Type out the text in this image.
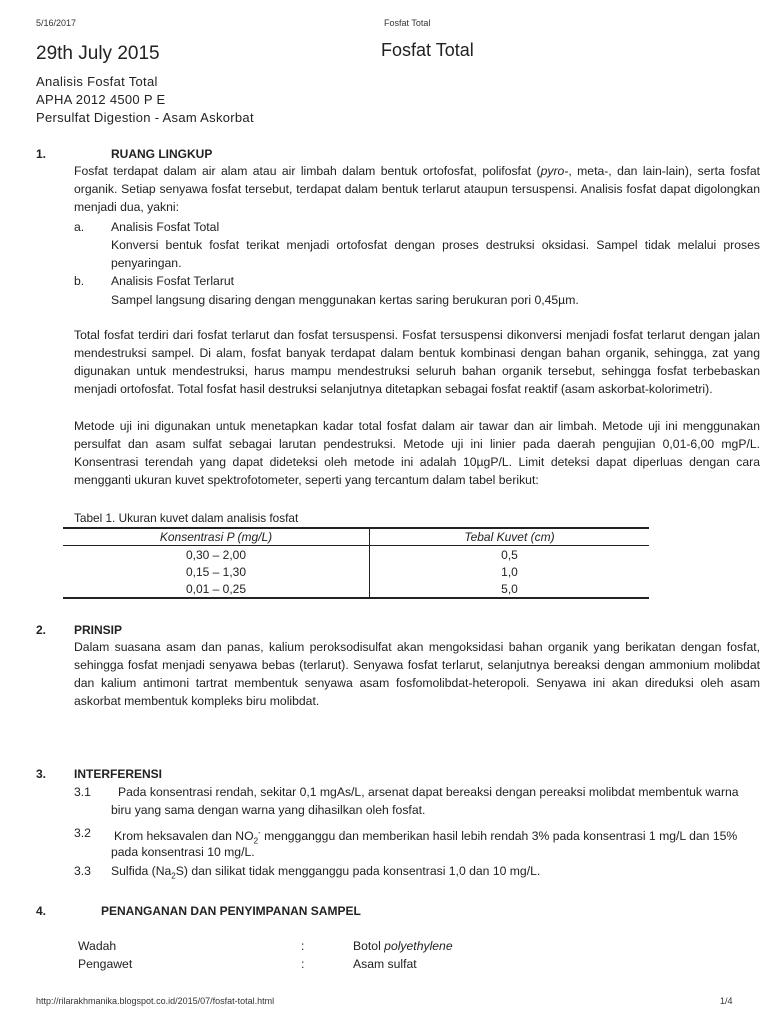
5/16/2017	Fosfat Total
29th July 2015	Fosfat Total
Analisis Fosfat Total
APHA 2012 4500 P E
Persulfat Digestion - Asam Askorbat
1.	RUANG LINGKUP

Fosfat terdapat dalam air alam atau air limbah dalam bentuk ortofosfat, polifosfat (pyro-, meta-, dan lain-lain), serta fosfat organik. Setiap senyawa fosfat tersebut, terdapat dalam bentuk terlarut ataupun tersuspensi. Analisis fosfat dapat digolongkan menjadi dua, yakni:

a. Analisis Fosfat Total

Konversi bentuk fosfat terikat menjadi ortofosfat dengan proses destruksi oksidasi. Sampel tidak melalui proses penyaringan.

b. Analisis Fosfat Terlarut

Sampel langsung disaring dengan menggunakan kertas saring berukuran pori 0,45µm.

Total fosfat terdiri dari fosfat terlarut dan fosfat tersuspensi. Fosfat tersuspensi dikonversi menjadi fosfat terlarut dengan jalan mendestruksi sampel. Di alam, fosfat banyak terdapat dalam bentuk kombinasi dengan bahan organik, sehingga, zat yang digunakan untuk mendestruksi, harus mampu mendestruksi seluruh bahan organik tersebut, sehingga fosfat terbebaskan menjadi ortofosfat. Total fosfat hasil destruksi selanjutnya ditetapkan sebagai fosfat reaktif (asam askorbat-kolorimetri).

Metode uji ini digunakan untuk menetapkan kadar total fosfat dalam air tawar dan air limbah. Metode uji ini menggunakan persulfat dan asam sulfat sebagai larutan pendestruksi. Metode uji ini linier pada daerah pengujian 0,01-6,00 mgP/L. Konsentrasi terendah yang dapat dideteksi oleh metode ini adalah 10µgP/L. Limit deteksi dapat diperluas dengan cara mengganti ukuran kuvet spektrofotometer, seperti yang tercantum dalam tabel berikut:

Tabel 1. Ukuran kuvet dalam analisis fosfat
Konsentrasi P (mg/L)	Tebal Kuvet (cm)
0,30 – 2,00	0,5
0,15 – 1,30	1,0
0,01 – 0,25	5,0
2. PRINSIP

Dalam suasana asam dan panas, kalium peroksodisulfat akan mengoksidasi bahan organik yang berikatan dengan fosfat, sehingga fosfat menjadi senyawa bebas (terlarut). Senyawa fosfat terlarut, selanjutnya bereaksi dengan ammonium molibdat dan kalium antimoni tartrat membentuk senyawa asam fosfomolibdat-heteropoli. Senyawa ini akan direduksi oleh asam askorbat membentuk kompleks biru molibdat.

3. INTERFERENSI
3.1 Pada konsentrasi rendah, sekitar 0,1 mgAs/L, arsenat dapat bereaksi dengan pereaksi molibdat membentuk warna
biru yang sama dengan warna yang dihasilkan oleh fosfat.
3.2 Krom heksavalen dan $NO_2^-$ mengganggu dan memberikan hasil lebih rendah 3% pada konsentrasi 1 mg/L dan 15%
pada konsentrasi 10 mg/L.
3.3 Sulfida $(Na_2S)$ dan silikat tidak mengganggu pada konsentrasi 1,0 dan 10 mg/L.
4.	PENANGANAN DAN PENYIMPANAN SAMPEL
Wadah	:	Botol polyethylene
Pengawet	:	Asam sulfat
http://rilarakhmanika.blogspot.co.id/2015/07/fosfat-total.html	1/4
